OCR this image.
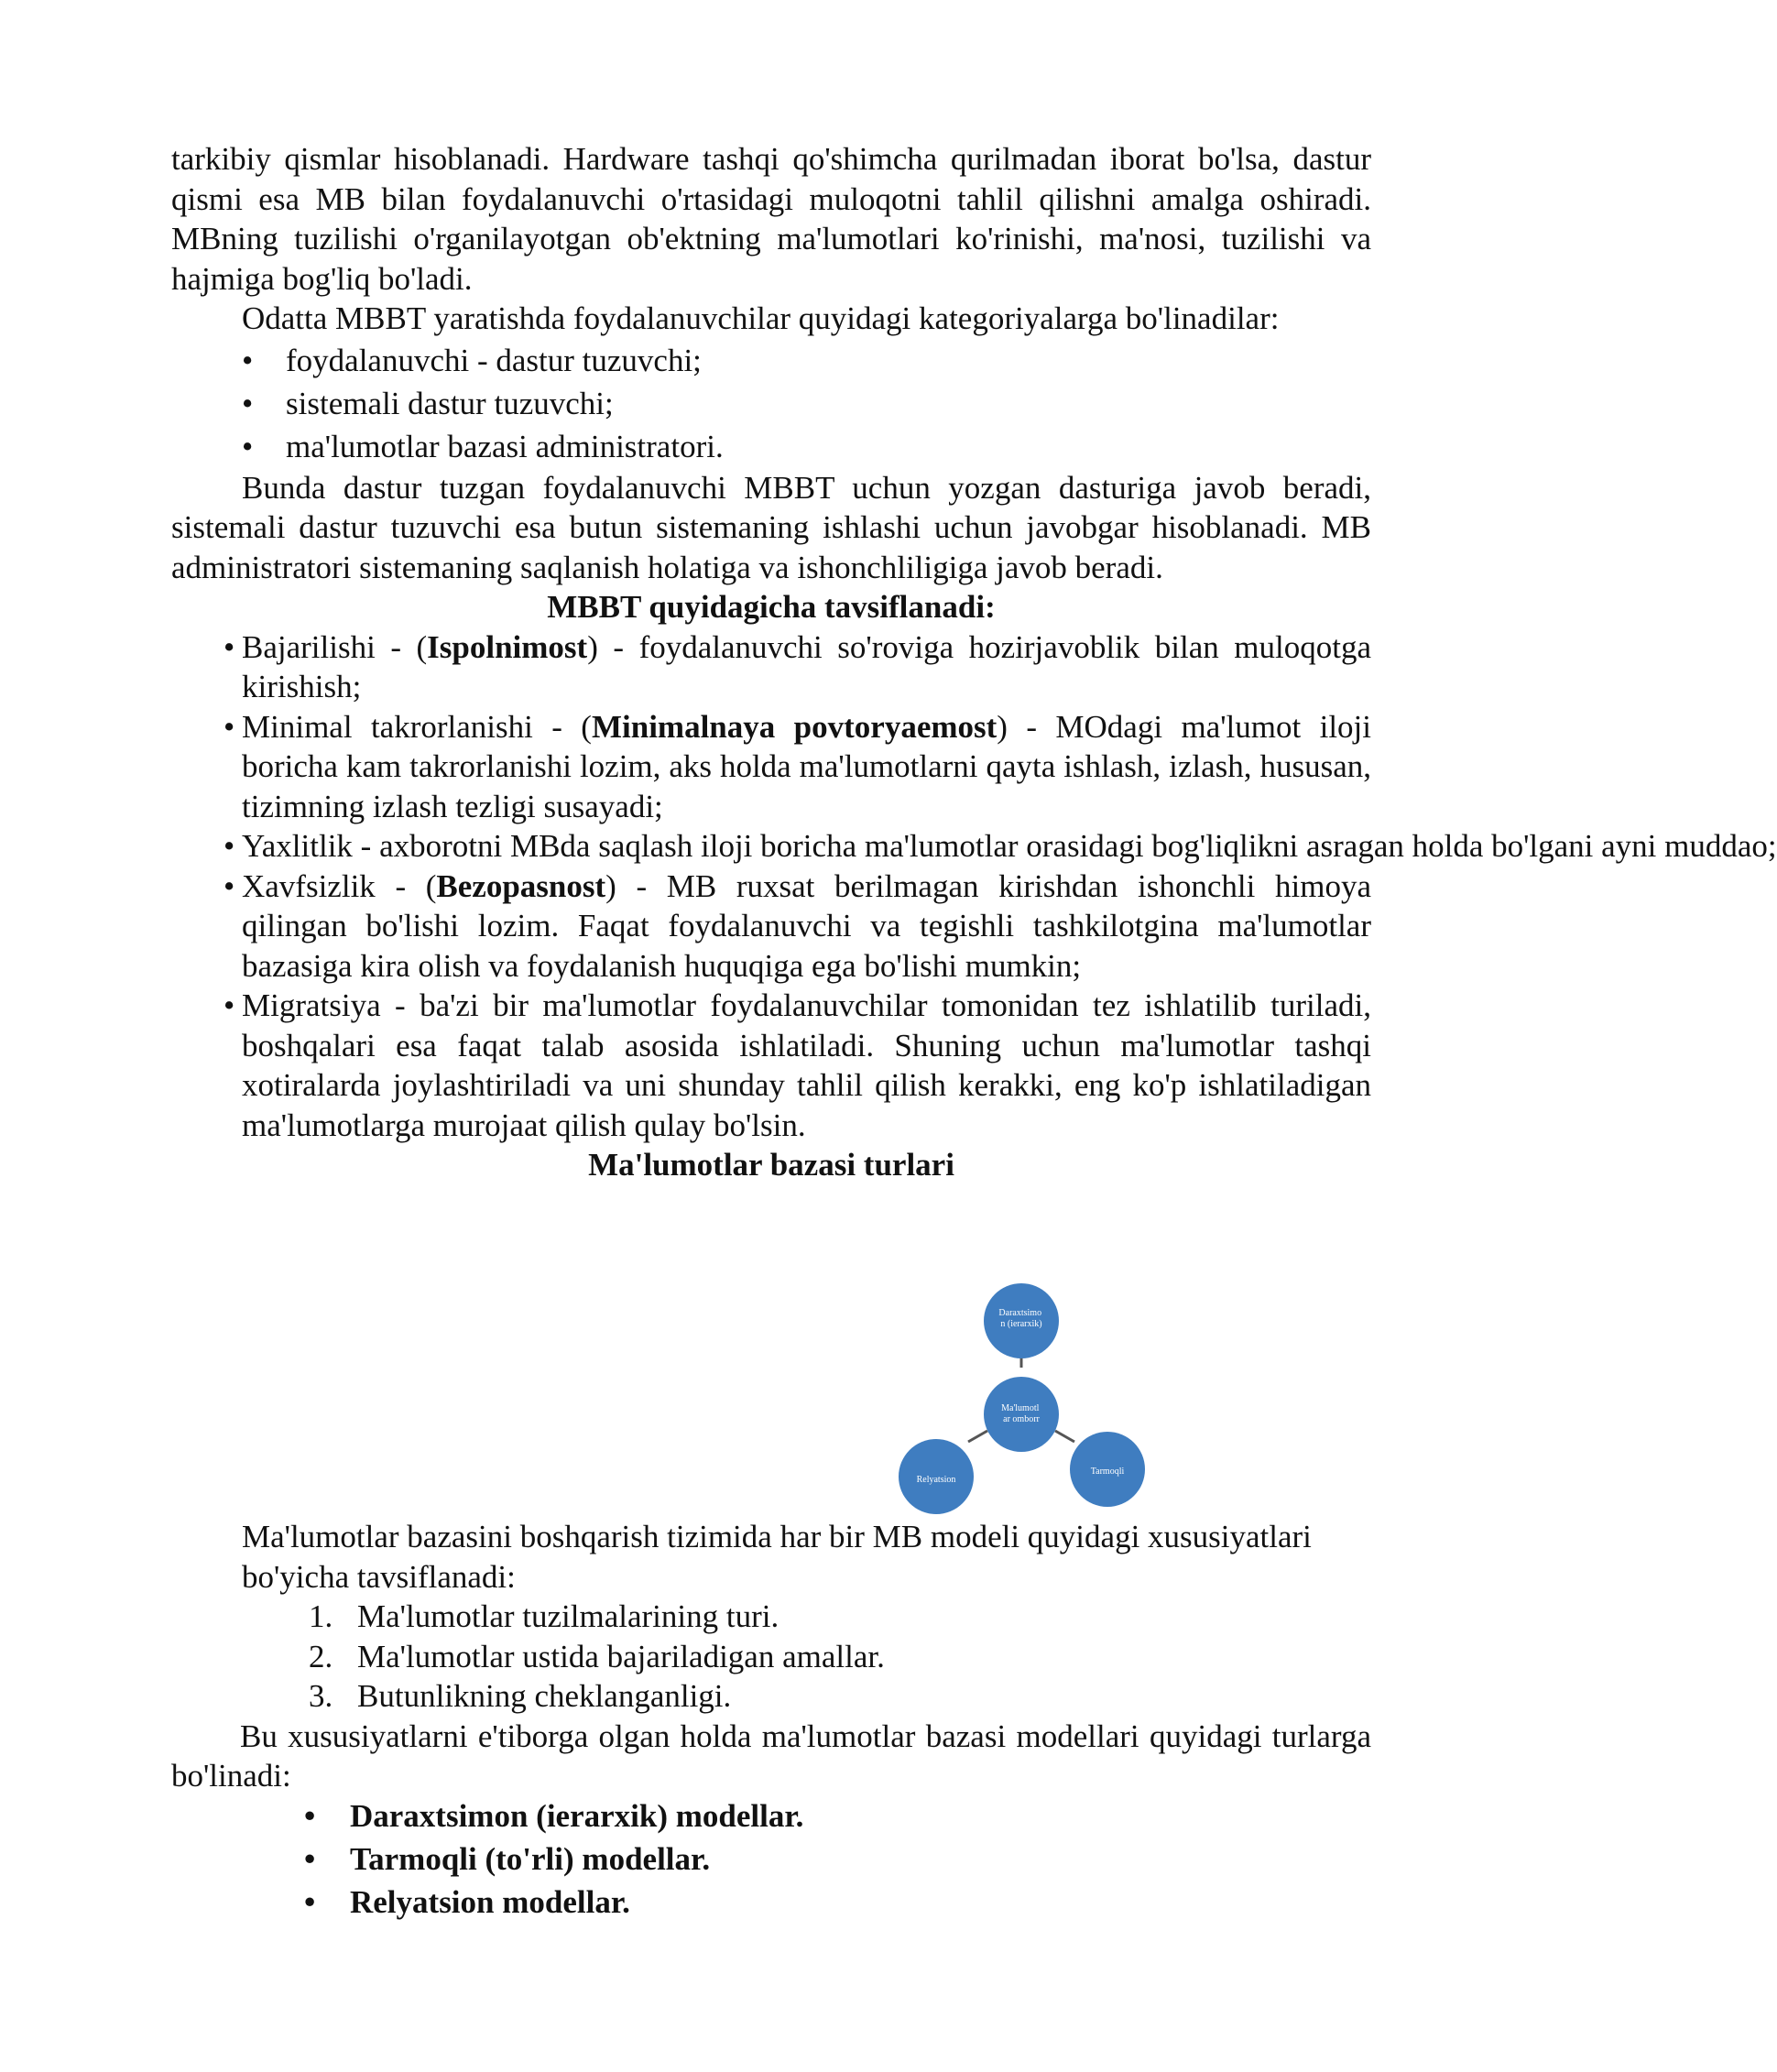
tarkibiy qismlar hisoblanadi. Hardware tashqi qo'shimcha qurilmadan iborat bo'lsa, dastur qismi esa MB bilan foydalanuvchi o'rtasidagi muloqotni tahlil qilishni amalga oshiradi. MBning tuzilishi o'rganilayotgan ob'ektning ma'lumotlari ko'rinishi, ma'nosi, tuzilishi va hajmiga bog'liq bo'ladi.

Odatta MBBT yaratishda foydalanuvchilar quyidagi kategoriyalarga bo'linadilar:

• foydalanuvchi - dastur tuzuvchi;
• sistemali dastur tuzuvchi;
• ma'lumotlar bazasi administratori.

Bunda dastur tuzgan foydalanuvchi MBBT uchun yozgan dasturiga javob beradi, sistemali dastur tuzuvchi esa butun sistemaning ishlashi uchun javobgar hisoblanadi. MB administratori sistemaning saqlanish holatiga va ishonchliligiga javob beradi.

MBBT quyidagicha tavsiflanadi:

• Bajarilishi - (Ispolnimost) - foydalanuvchi so'roviga hozirjavoblik bilan muloqotga kirishish;
• Minimal takrorlanishi - (Minimalnaya povtoryaemost) - MOdagi ma'lumot iloji boricha kam takrorlanishi lozim, aks holda ma'lumotlarni qayta ishlash, izlash, hususan, tizimning izlash tezligi susayadi;
• Yaxlitlik - axborotni MBda saqlash iloji boricha ma'lumotlar orasidagi bog'liqlikni asragan holda bo'lgani ayni muddao;
• Xavfsizlik - (Bezopasnost) - MB ruxsat berilmagan kirishdan ishonchli himoya qilingan bo'lishi lozim. Faqat foydalanuvchi va tegishli tashkilotgina ma'lumotlar bazasiga kira olish va foydalanish huquqiga ega bo'lishi mumkin;
• Migratsiya - ba'zi bir ma'lumotlar foydalanuvchilar tomonidan tez ishlatilib turiladi, boshqalari esa faqat talab asosida ishlatiladi. Shuning uchun ma'lumotlar tashqi xotiralarda joylashtiriladi va uni shunday tahlil qilish kerakki, eng ko'p ishlatiladigan ma'lumotlarga murojaat qilish qulay bo'lsin.

Ma'lumotlar bazasi turlari

Daraxtsimo n (ierarxik)
Ma'lumotl ar omborr
Relyatsion
Tarmoqli

Ma'lumotlar bazasini boshqarish tizimida har bir MB modeli quyidagi xususiyatlari bo'yicha tavsiflanadi:

1. Ma'lumotlar tuzilmalarining turi.
2. Ma'lumotlar ustida bajariladigan amallar.
3. Butunlikning cheklanganligi.

Bu xususiyatlarni e'tiborga olgan holda ma'lumotlar bazasi modellari quyidagi turlarga bo'linadi:

• Daraxtsimon (ierarxik) modellar.
• Tarmoqli (to'rli) modellar.
• Relyatsion modellar.
